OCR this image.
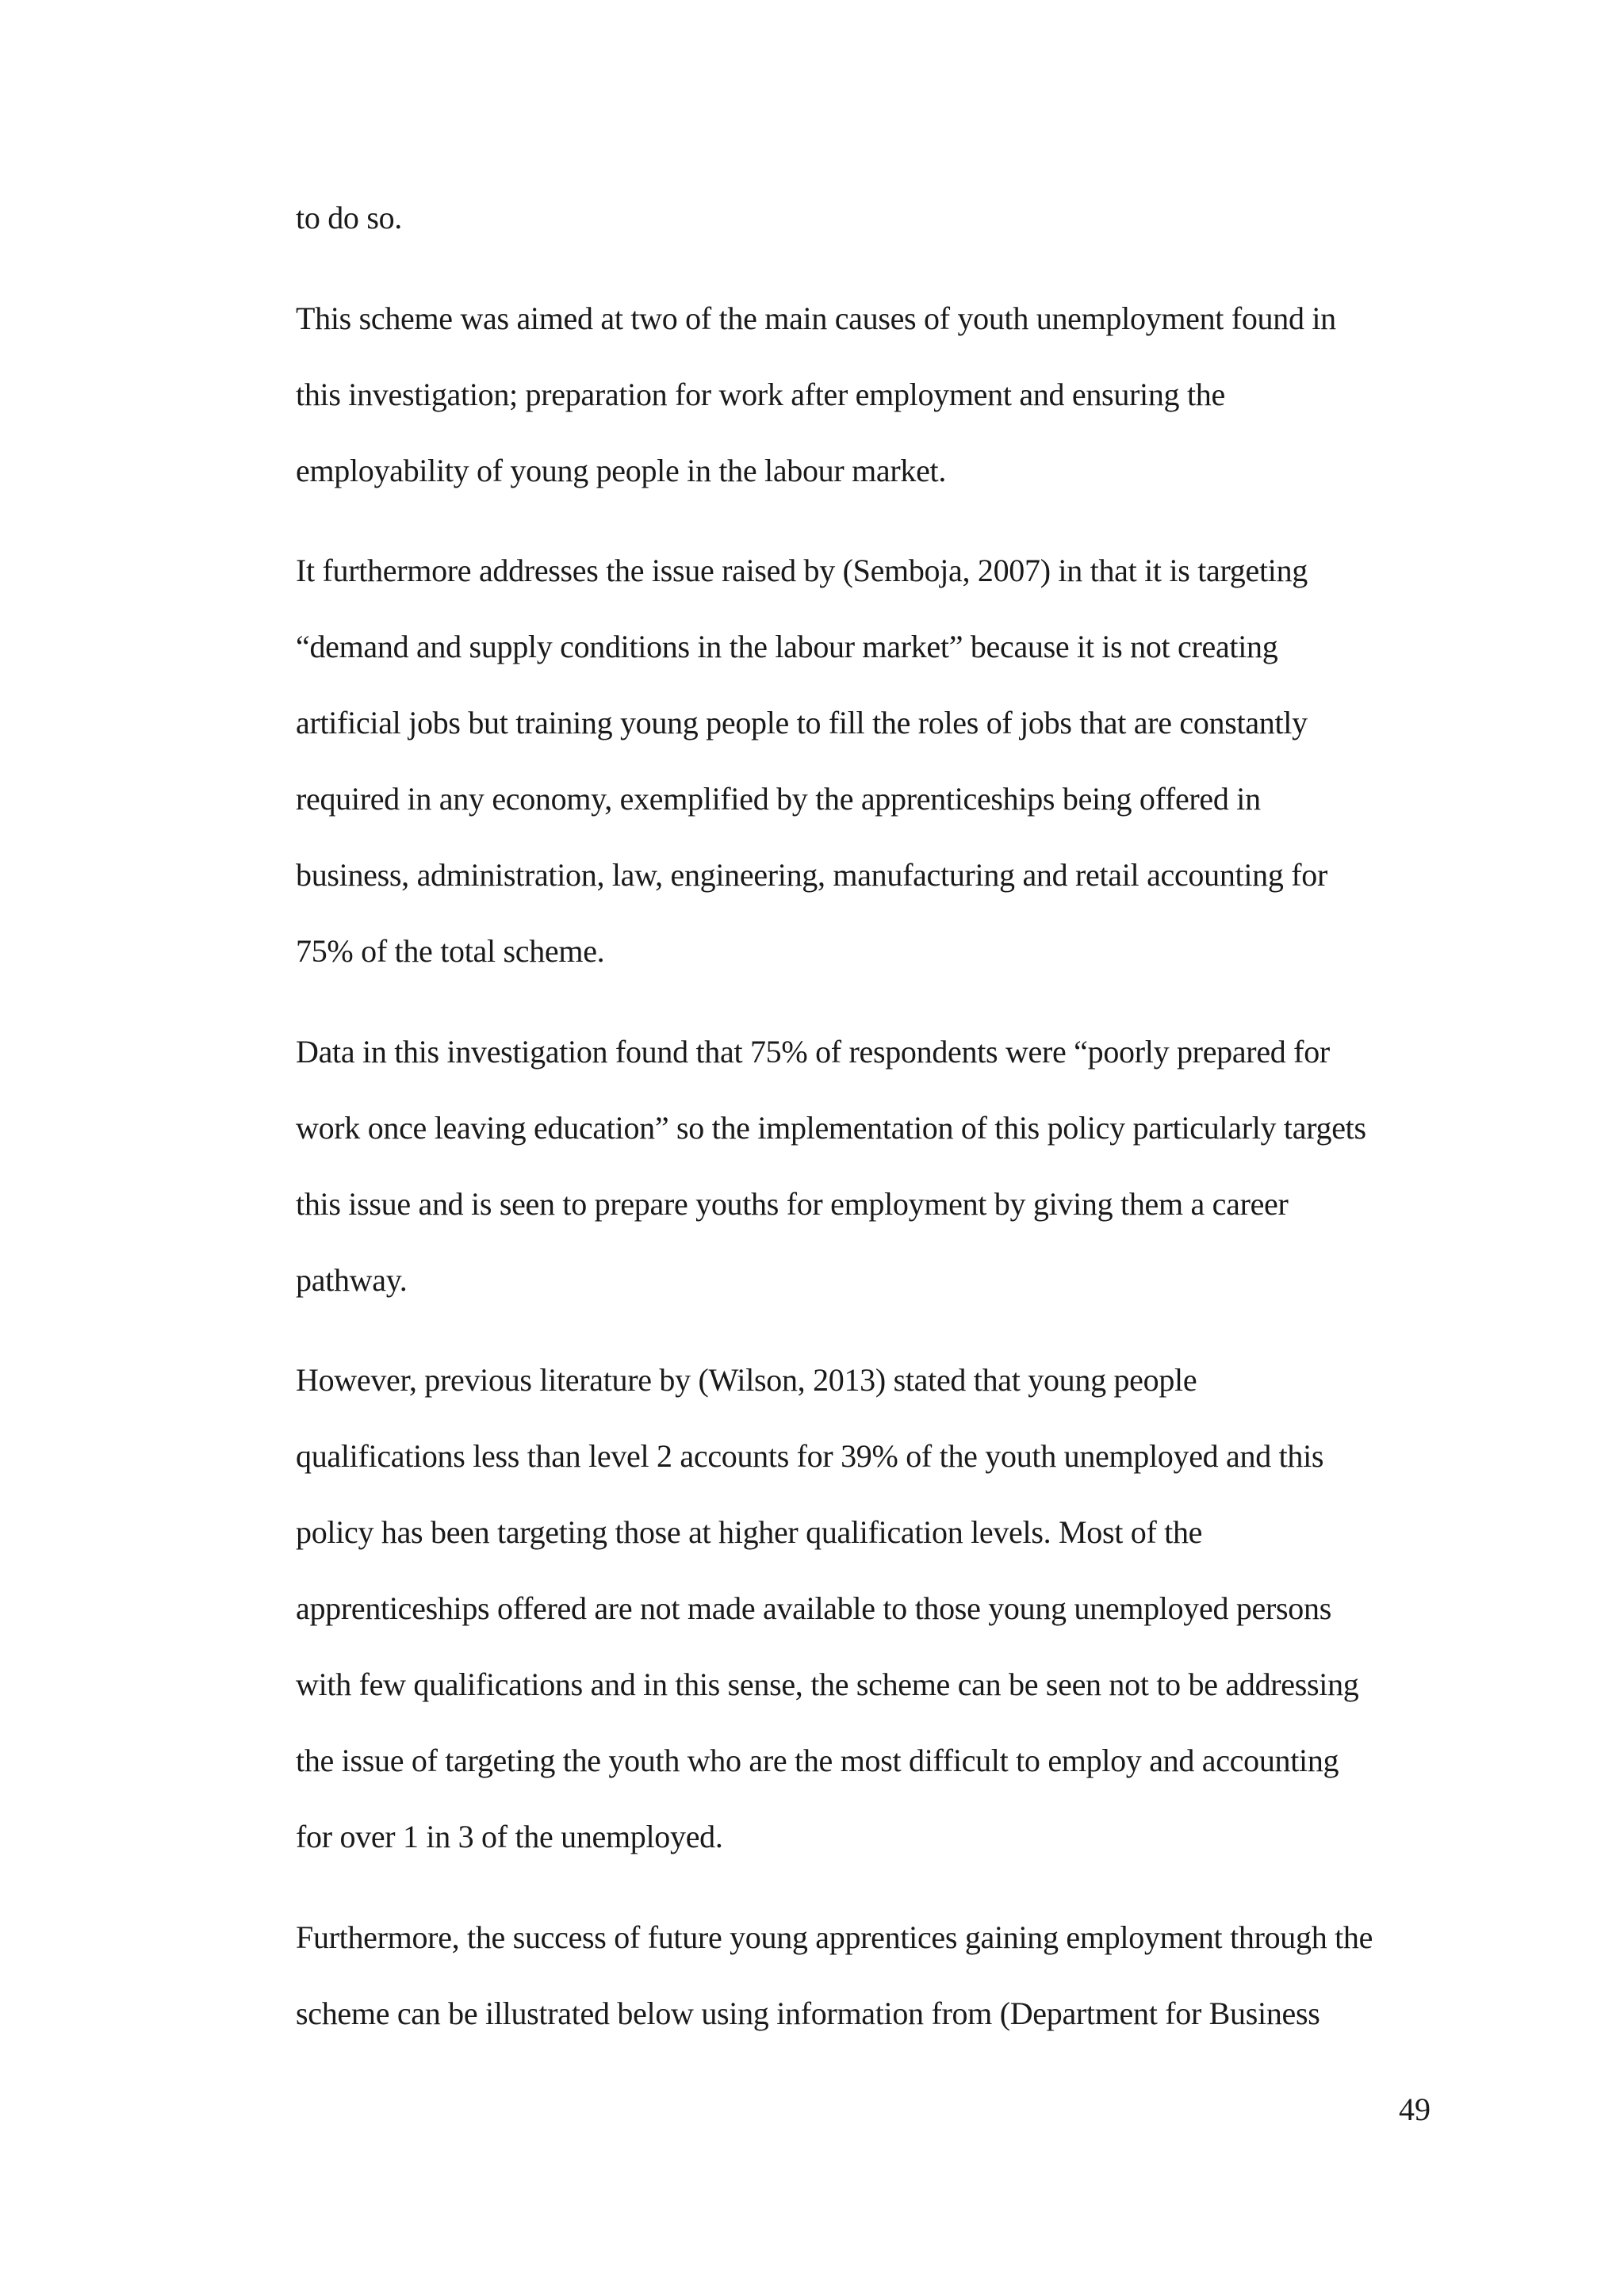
to do so.
This scheme was aimed at two of the main causes of youth unemployment found in
this investigation; preparation for work after employment and ensuring the
employability of young people in the labour market.
It furthermore addresses the issue raised by (Semboja, 2007) in that it is targeting
“demand and supply conditions in the labour market” because it is not creating
artificial jobs but training young people to fill the roles of jobs that are constantly
required in any economy, exemplified by the apprenticeships being offered in
business, administration, law, engineering, manufacturing and retail accounting for
75% of the total scheme.
Data in this investigation found that 75% of respondents were “poorly prepared for
work once leaving education” so the implementation of this policy particularly targets
this issue and is seen to prepare youths for employment by giving them a career
pathway.
However, previous literature by (Wilson, 2013) stated that young people
qualifications less than level 2 accounts for 39% of the youth unemployed and this
policy has been targeting those at higher qualification levels. Most of the
apprenticeships offered are not made available to those young unemployed persons
with few qualifications and in this sense, the scheme can be seen not to be addressing
the issue of targeting the youth who are the most difficult to employ and accounting
for over 1 in 3 of the unemployed.
Furthermore, the success of future young apprentices gaining employment through the
scheme can be illustrated below using information from (Department for Business
49
